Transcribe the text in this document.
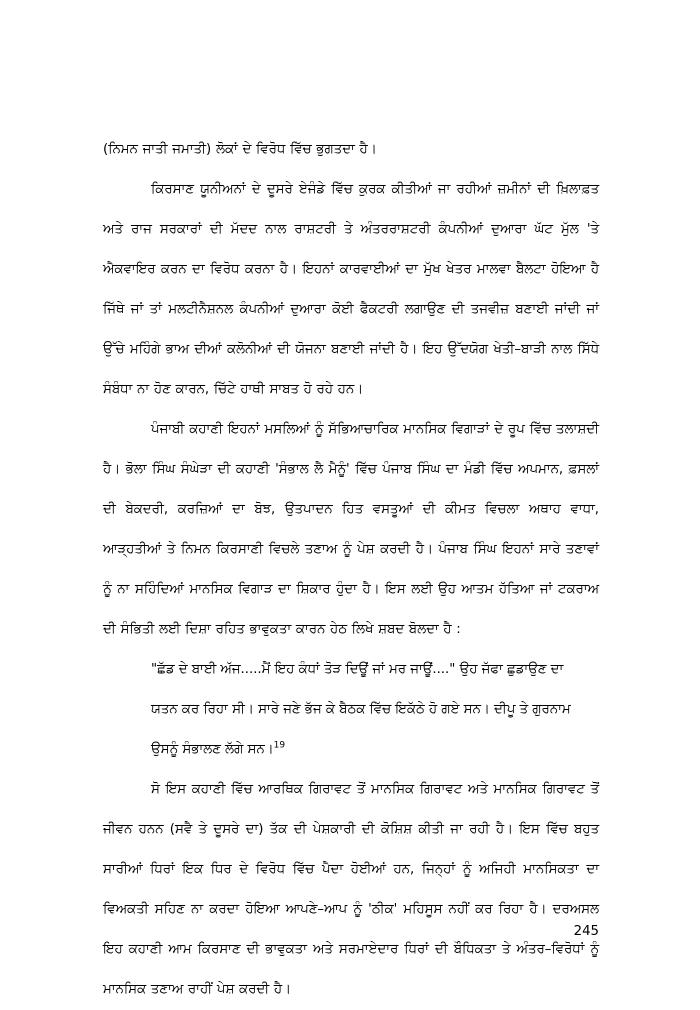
(ਨਿਮਨ ਜਾਤੀ ਜਮਾਤੀ) ਲੋਕਾਂ ਦੇ ਵਿਰੋਧ ਵਿੱਚ ਭੁਗਤਦਾ ਹੈ।

ਕਿਰਸਾਣ ਯੂਨੀਅਨਾਂ ਦੇ ਦੂਸਰੇ ਏਜੰਡੇ ਵਿੱਚ ਕੁਰਕ ਕੀਤੀਆਂ ਜਾ ਰਹੀਆਂ ਜ਼ਮੀਨਾਂ ਦੀ ਖ਼ਿਲਾਫ਼ਤ ਅਤੇ ਰਾਜ ਸਰਕਾਰਾਂ ਦੀ ਮੱਦਦ ਨਾਲ ਰਾਸ਼ਟਰੀ ਤੇ ਅੰਤਰਰਾਸ਼ਟਰੀ ਕੰਪਨੀਆਂ ਦੁਆਰਾ ਘੱਟ ਮੁੱਲ 'ਤੇ ਐਕਵਾਇਰ ਕਰਨ ਦਾ ਵਿਰੋਧ ਕਰਨਾ ਹੈ। ਇਹਨਾਂ ਕਾਰਵਾਈਆਂ ਦਾ ਮੁੱਖ ਖੇਤਰ ਮਾਲਵਾ ਬੈਲਟਾ ਹੋਇਆ ਹੈ ਜਿੱਥੇ ਜਾਂ ਤਾਂ ਮਲਟੀਨੈਸ਼ਨਲ ਕੰਪਨੀਆਂ ਦੁਆਰਾ ਕੋਈ ਫੈਕਟਰੀ ਲਗਾਉਣ ਦੀ ਤਜਵੀਜ਼ ਬਣਾਈ ਜਾਂਦੀ ਜਾਂ ਉੱਚੇ ਮਹਿੰਗੇ ਭਾਅ ਦੀਆਂ ਕਲੋਨੀਆਂ ਦੀ ਯੋਜਨਾ ਬਣਾਈ ਜਾਂਦੀ ਹੈ। ਇਹ ਉੱਦਯੋਗ ਖੇਤੀ–ਬਾੜੀ ਨਾਲ ਸਿੱਧੇ ਸੰਬੰਧਾ ਨਾ ਹੋਣ ਕਾਰਨ, ਚਿੱਟੇ ਹਾਥੀ ਸਾਬਤ ਹੋ ਰਹੇ ਹਨ।

ਪੰਜਾਬੀ ਕਹਾਣੀ ਇਹਨਾਂ ਮਸਲਿਆਂ ਨੂੰ ਸੱਭਿਆਚਾਰਿਕ ਮਾਨਸਿਕ ਵਿਗਾੜਾਂ ਦੇ ਰੂਪ ਵਿੱਚ ਤਲਾਸ਼ਦੀ ਹੈ। ਭੋਲਾ ਸਿੰਘ ਸੰਘੇੜਾ ਦੀ ਕਹਾਣੀ 'ਸੰਭਾਲ ਲੈ ਮੈਨੂੰ' ਵਿੱਚ ਪੰਜਾਬ ਸਿੰਘ ਦਾ ਮੰਡੀ ਵਿੱਚ ਅਪਮਾਨ, ਫ਼ਸਲਾਂ ਦੀ ਬੇਕਦਰੀ, ਕਰਜ਼ਿਆਂ ਦਾ ਬੋਝ, ਉਤਪਾਦਨ ਹਿਤ ਵਸਤੂਆਂ ਦੀ ਕੀਮਤ ਵਿਚਲਾ ਅਥਾਹ ਵਾਧਾ, ਆੜ੍ਹਤੀਆਂ ਤੇ ਨਿਮਨ ਕਿਰਸਾਣੀ ਵਿਚਲੇ ਤਣਾਅ ਨੂੰ ਪੇਸ਼ ਕਰਦੀ ਹੈ। ਪੰਜਾਬ ਸਿੰਘ ਇਹਨਾਂ ਸਾਰੇ ਤਣਾਵਾਂ ਨੂੰ ਨਾ ਸਹਿੰਦਿਆਂ ਮਾਨਸਿਕ ਵਿਗਾੜ ਦਾ ਸ਼ਿਕਾਰ ਹੁੰਦਾ ਹੈ। ਇਸ ਲਈ ਉਹ ਆਤਮ ਹੱਤਿਆ ਜਾਂ ਟਕਰਾਅ ਦੀ ਸੰਭਿਤੀ ਲਈ ਦਿਸ਼ਾ ਰਹਿਤ ਭਾਵੁਕਤਾ ਕਾਰਨ ਹੇਠ ਲਿਖੇ ਸ਼ਬਦ ਬੋਲਦਾ ਹੈ :

"ਛੱਡ ਦੇ ਬਾਈ ਅੱਜ.....ਮੈਂ ਇਹ ਕੰਧਾਂ ਤੋੜ ਦਿਊਂ ਜਾਂ ਮਰ ਜਾਊਂ...." ਉਹ ਜੱਫਾ ਛੁਡਾਉਣ ਦਾ
ਯਤਨ ਕਰ ਰਿਹਾ ਸੀ। ਸਾਰੇ ਜਣੇ ਭੱਜ ਕੇ ਬੈਠਕ ਵਿੱਚ ਇਕੱਠੇ ਹੋ ਗਏ ਸਨ। ਦੀਪੂ ਤੇ ਗੁਰਨਾਮ
ਉਸਨੂੰ ਸੰਭਾਲਣ ਲੱਗੇ ਸਨ।$^{19}$

ਸੋ ਇਸ ਕਹਾਣੀ ਵਿੱਚ ਆਰਥਿਕ ਗਿਰਾਵਟ ਤੋਂ ਮਾਨਸਿਕ ਗਿਰਾਵਟ ਅਤੇ ਮਾਨਸਿਕ ਗਿਰਾਵਟ ਤੋਂ ਜੀਵਨ ਹਨਨ (ਸਵੈ ਤੇ ਦੂਸਰੇ ਦਾ) ਤੱਕ ਦੀ ਪੇਸ਼ਕਾਰੀ ਦੀ ਕੋਸ਼ਿਸ਼ ਕੀਤੀ ਜਾ ਰਹੀ ਹੈ। ਇਸ ਵਿੱਚ ਬਹੁਤ ਸਾਰੀਆਂ ਧਿਰਾਂ ਇਕ ਧਿਰ ਦੇ ਵਿਰੋਧ ਵਿੱਚ ਪੈਦਾ ਹੋਈਆਂ ਹਨ, ਜਿਨ੍ਹਾਂ ਨੂੰ ਅਜਿਹੀ ਮਾਨਸਿਕਤਾ ਦਾ ਵਿਅਕਤੀ ਸਹਿਣ ਨਾ ਕਰਦਾ ਹੋਇਆ ਆਪਣੇ–ਆਪ ਨੂੰ 'ਠੀਕ' ਮਹਿਸੂਸ ਨਹੀਂ ਕਰ ਰਿਹਾ ਹੈ। ਦਰਅਸਲ ਇਹ ਕਹਾਣੀ ਆਮ ਕਿਰਸਾਣ ਦੀ ਭਾਵੁਕਤਾ ਅਤੇ ਸਰਮਾਏਦਾਰ ਧਿਰਾਂ ਦੀ ਬੌਧਿਕਤਾ ਤੇ ਅੰਤਰ–ਵਿਰੋਧਾਂ ਨੂੰ ਮਾਨਸਿਕ ਤਣਾਅ ਰਾਹੀਂ ਪੇਸ਼ ਕਰਦੀ ਹੈ।

245
